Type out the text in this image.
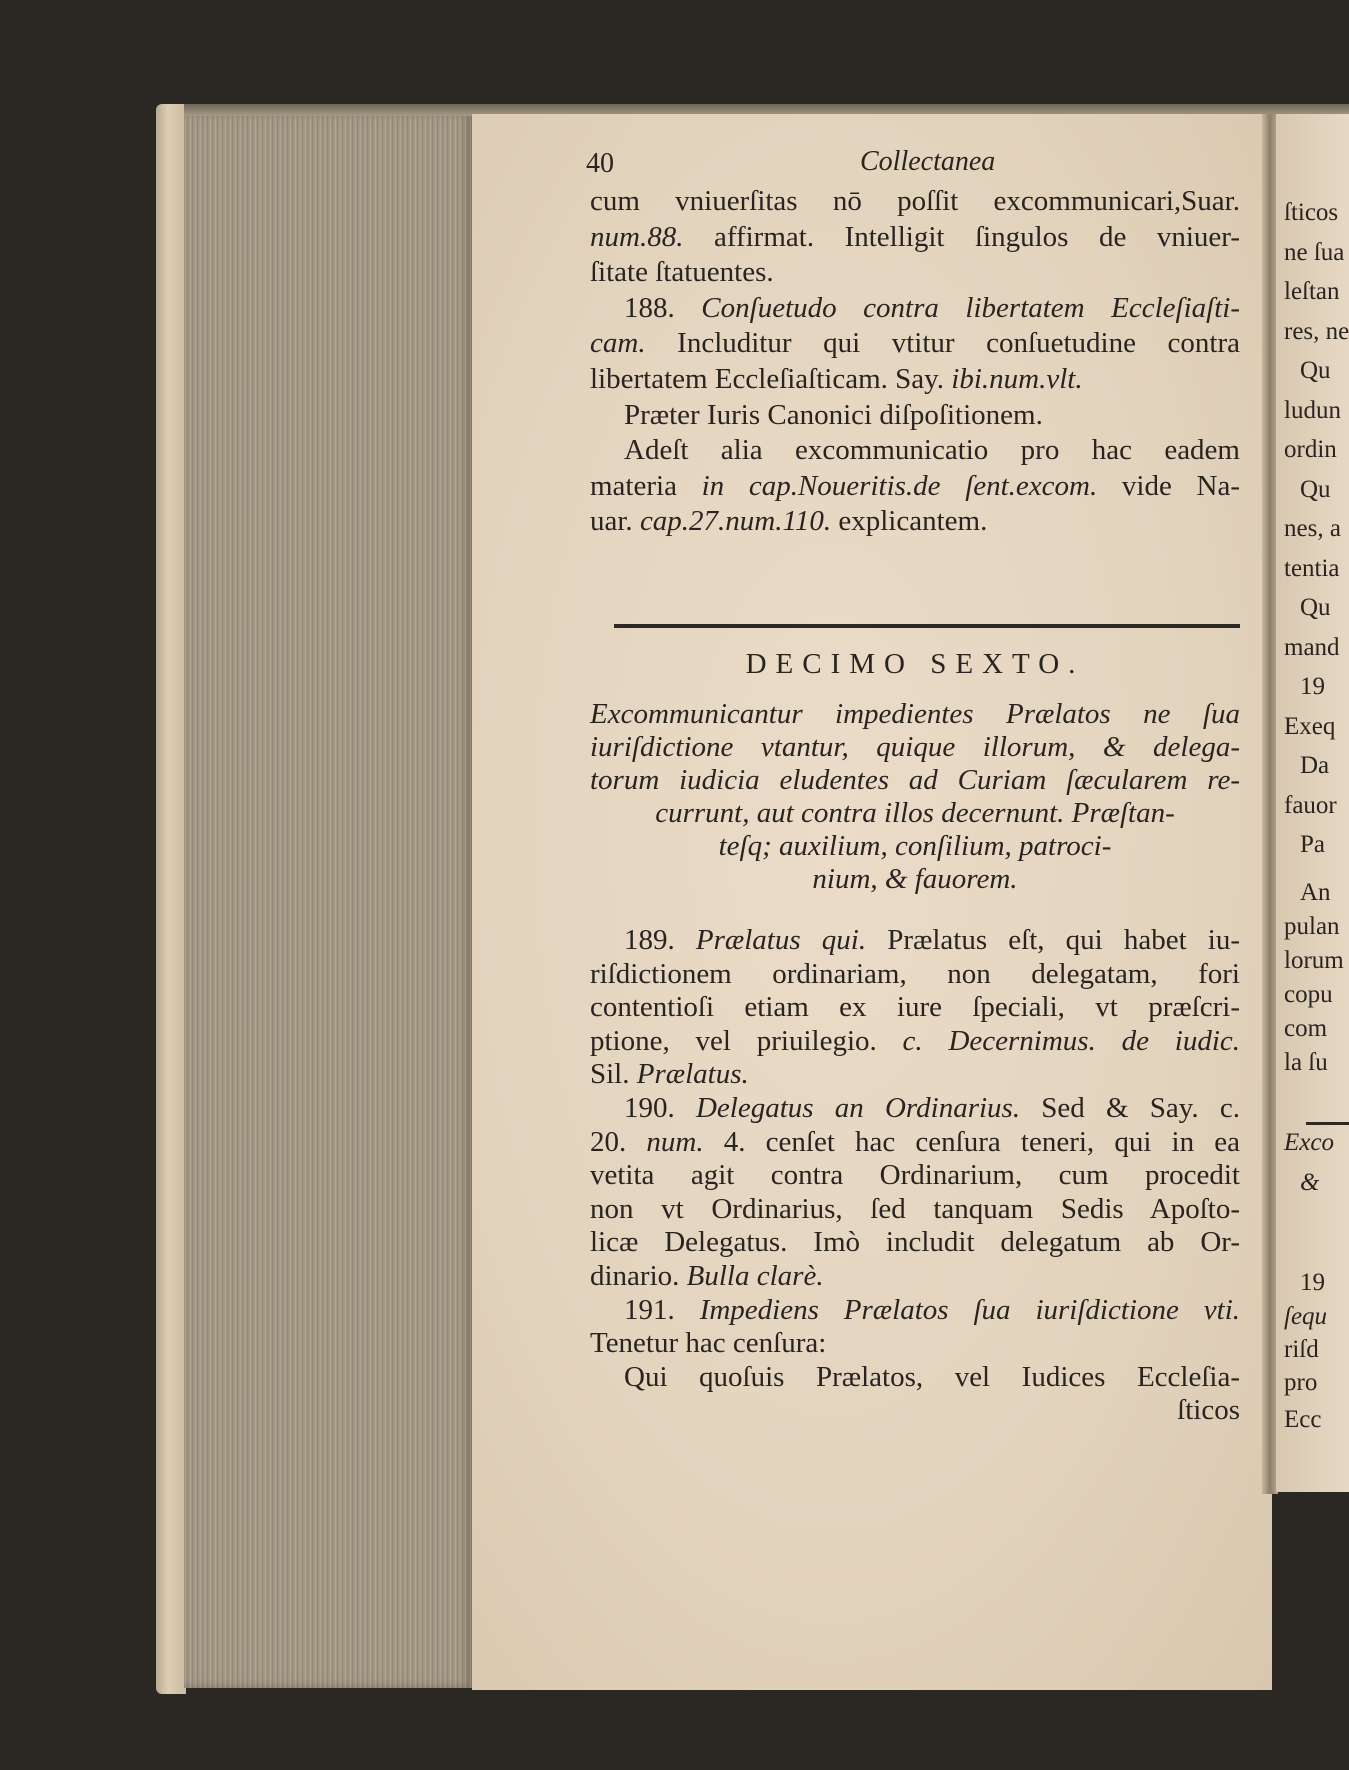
40	Collectanea
DECIMO SEXTO.
cum vniuerſitas nō poſſit excommunicari,Suar.
num.88. affirmat. Intelligit ſingulos de vniuer-
ſitate ſtatuentes.
188. Conſuetudo contra libertatem Eccleſiaſti-
cam. Includitur qui vtitur conſuetudine contra
libertatem Eccleſiaſticam. Say. ibi.num.vlt.
Præter Iuris Canonici diſpoſitionem.
Adeſt alia excommunicatio pro hac eadem
materia in cap.Noueritis.de ſent.excom. vide Na-
uar. cap.27.num.110. explicantem.
Excommunicantur impedientes Prælatos ne ſua
iuriſdictione vtantur, quique illorum, & delega-
torum iudicia eludentes ad Curiam ſæcularem re-
currunt, aut contra illos decernunt. Præſtan-
teſq; auxilium, conſilium, patroci-
nium, & fauorem.
189. Prælatus qui. Prælatus eſt, qui habet iu-
riſdictionem ordinariam, non delegatam, fori
contentioſi etiam ex iure ſpeciali, vt præſcri-
ptione, vel priuilegio. c. Decernimus. de iudic.
Sil. Prælatus.
190. Delegatus an Ordinarius. Sed & Say. c.
20. num. 4. cenſet hac cenſura teneri, qui in ea
vetita agit contra Ordinarium, cum procedit
non vt Ordinarius, ſed tanquam Sedis Apoſto-
licæ Delegatus. Imò includit delegatum ab Or-
dinario. Bulla clarè.
191. Impediens Prælatos ſua iuriſdictione vti.
Tenetur hac cenſura:
Qui quoſuis Prælatos, vel Iudices Eccleſia-
ſticos
ſticos
ne ſua
leſtan
res, ne
Qu
ludun
ordin
Qu
nes, a
tentia
Qu
mand
19
Exeq
Da
fauor
Pa
An
pulan
lorum
copu
com
la ſu
Exco
&
19
ſequ
riſd
pro
Ecc
